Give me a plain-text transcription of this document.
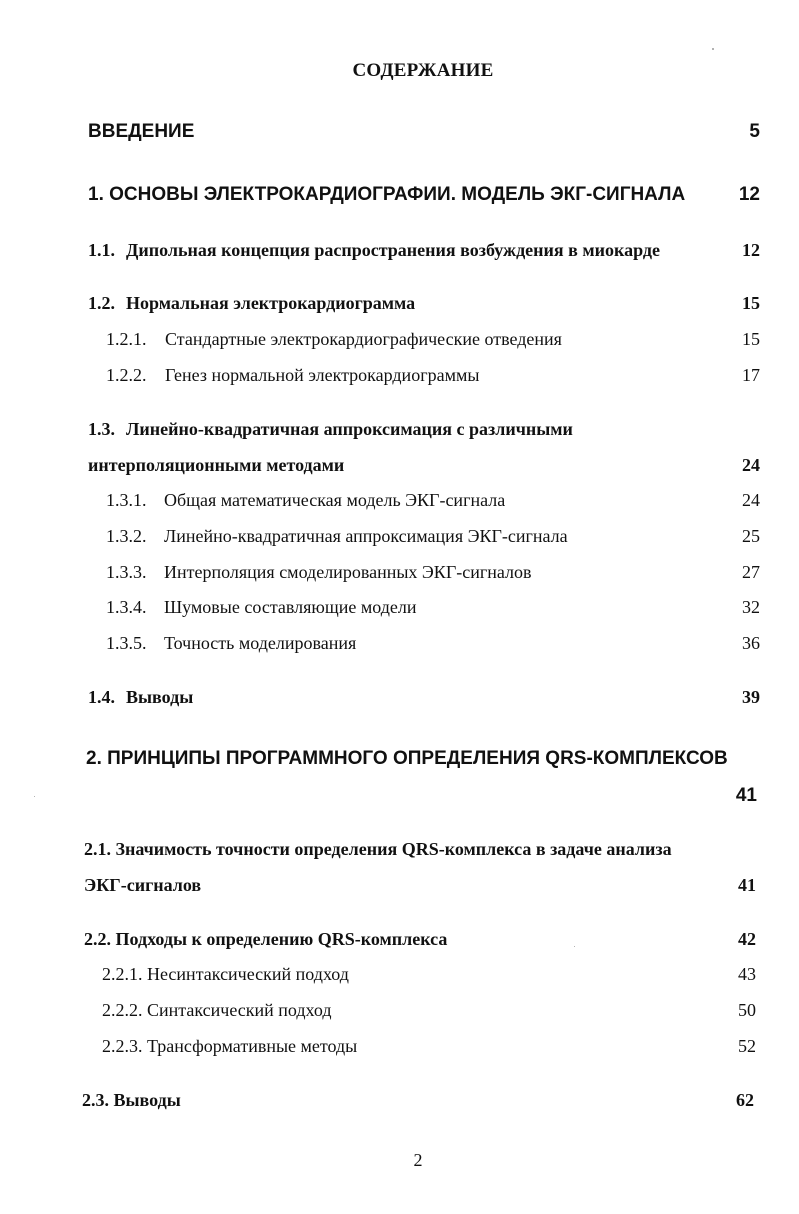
СОДЕРЖАНИЕ
ВВЕДЕНИЕ	5
1. ОСНОВЫ ЭЛЕКТРОКАРДИОГРАФИИ. МОДЕЛЬ ЭКГ-СИГНАЛА	12
1.1. Дипольная концепция распространения возбуждения в миокарде	12
1.2. Нормальная электрокардиограмма	15
1.2.1. Стандартные электрокардиографические отведения	15
1.2.2. Генез нормальной электрокардиограммы	17
1.3. Линейно-квадратичная аппроксимация с различными
интерполяционными методами	24
1.3.1. Общая математическая модель ЭКГ-сигнала	24
1.3.2. Линейно-квадратичная аппроксимация ЭКГ-сигнала	25
1.3.3. Интерполяция смоделированных ЭКГ-сигналов	27
1.3.4. Шумовые составляющие модели	32
1.3.5. Точность моделирования	36
1.4. Выводы	39
2. ПРИНЦИПЫ ПРОГРАММНОГО ОПРЕДЕЛЕНИЯ QRS-КОМПЛЕКСОВ
41
2.1. Значимость точности определения QRS-комплекса в задаче анализа
ЭКГ-сигналов	41
2.2. Подходы к определению QRS-комплекса	42
2.2.1. Несинтаксический подход	43
2.2.2. Синтаксический подход	50
2.2.3. Трансформативные методы	52
2.3. Выводы	62
2
